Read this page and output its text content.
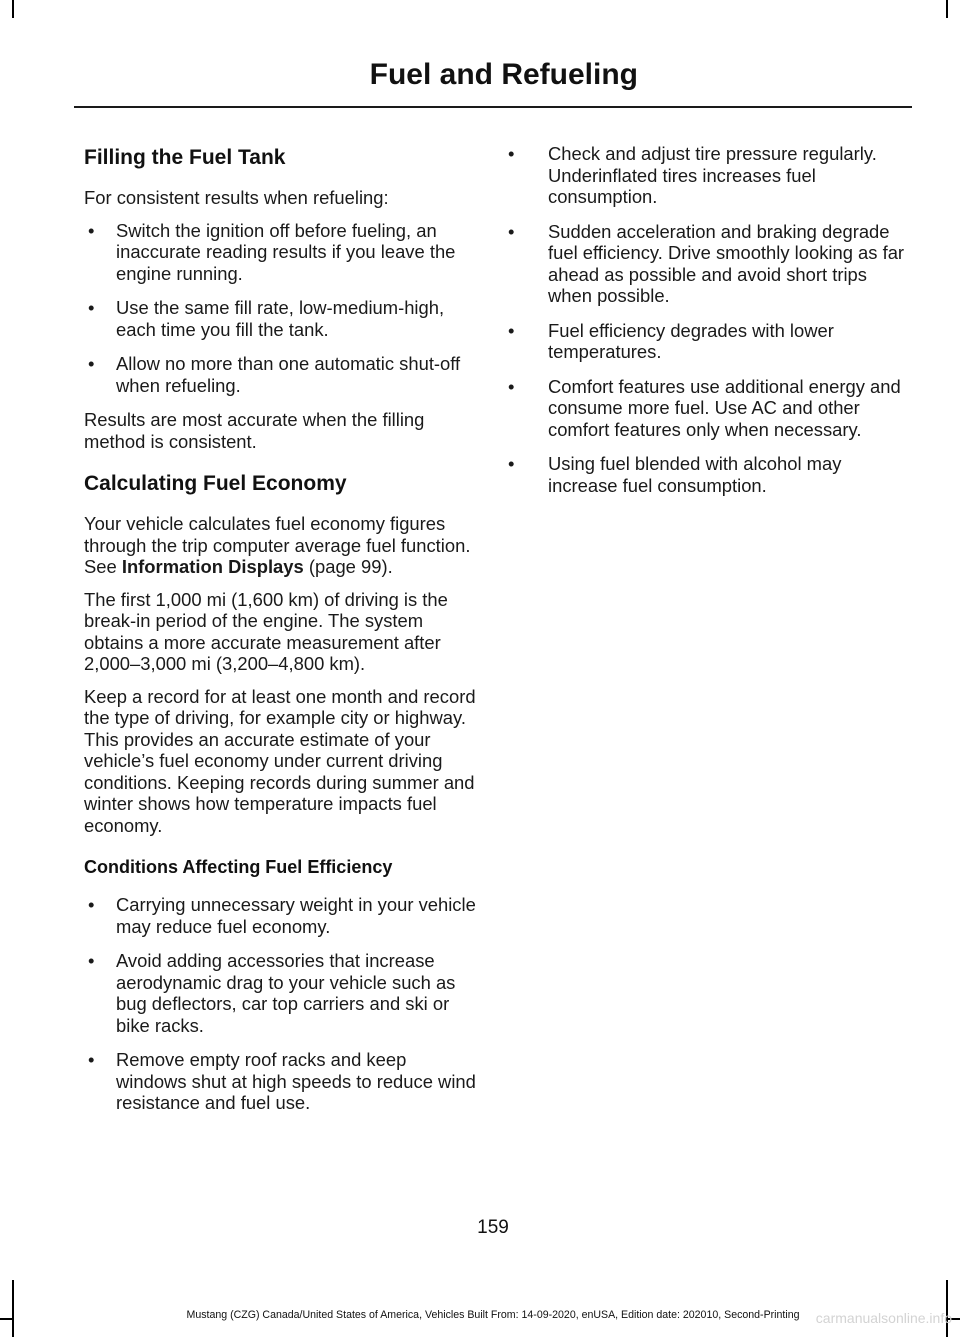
Fuel and Refueling
Filling the Fuel Tank

For consistent results when refueling:

• Switch the ignition off before fueling, an inaccurate reading results if you leave the engine running.
• Use the same fill rate, low-medium-high, each time you fill the tank.
• Allow no more than one automatic shut-off when refueling.

Results are most accurate when the filling method is consistent.

Calculating Fuel Economy

Your vehicle calculates fuel economy figures through the trip computer average fuel function. See Information Displays (page 99).

The first 1,000 mi (1,600 km) of driving is the break-in period of the engine. The system obtains a more accurate measurement after 2,000–3,000 mi (3,200–4,800 km).

Keep a record for at least one month and record the type of driving, for example city or highway. This provides an accurate estimate of your vehicle’s fuel economy under current driving conditions. Keeping records during summer and winter shows how temperature impacts fuel economy.

Conditions Affecting Fuel Efficiency
• Carrying unnecessary weight in your vehicle may reduce fuel economy.
• Avoid adding accessories that increase aerodynamic drag to your vehicle such as bug deflectors, car top carriers and ski or bike racks.
• Remove empty roof racks and keep windows shut at high speeds to reduce wind resistance and fuel use.
• Check and adjust tire pressure regularly. Underinflated tires increases fuel consumption.
• Sudden acceleration and braking degrade fuel efficiency. Drive smoothly looking as far ahead as possible and avoid short trips when possible.
• Fuel efficiency degrades with lower temperatures.
• Comfort features use additional energy and consume more fuel. Use AC and other comfort features only when necessary.
• Using fuel blended with alcohol may increase fuel consumption.
159
Mustang (CZG) Canada/United States of America, Vehicles Built From: 14-09-2020, enUSA, Edition date: 202010, Second-Printing	carmanualsonline.info
